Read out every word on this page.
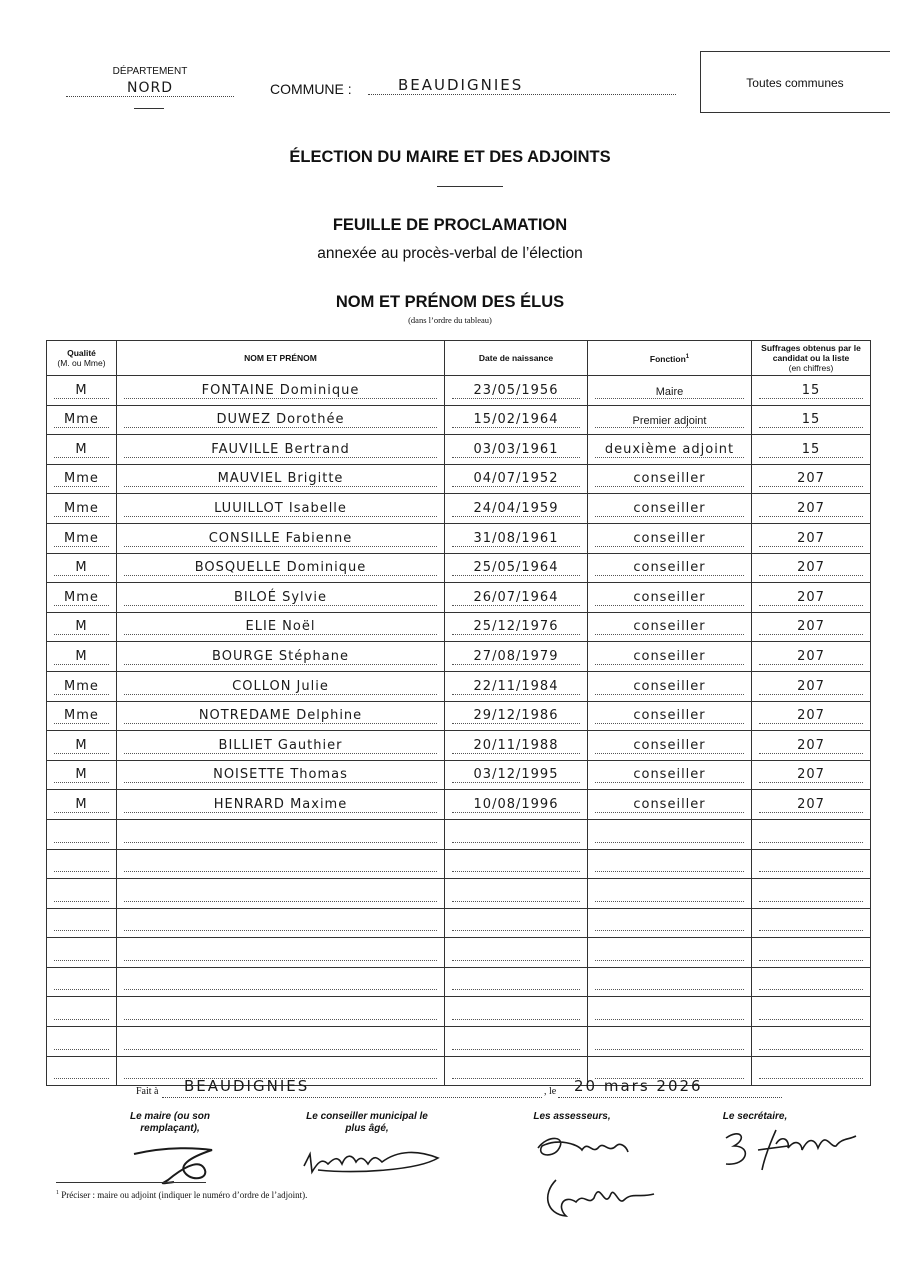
DÉPARTEMENT
NORD	COMMUNE :	BEAUDIGNIES	Toutes communes
ÉLECTION DU MAIRE ET DES ADJOINTS
FEUILLE DE PROCLAMATION
annexée au procès-verbal de l’élection
NOM ET PRÉNOM DES ÉLUS
(dans l’ordre du tableau)
Qualité
(M. ou Mme)	NOM ET PRÉNOM	Date de naissance	Fonction$^1$	Suffrages obtenus par le candidat ou la liste
(en chiffres)

M	FONTAINE Dominique	23/05/1956	Maire	15

Mme	DUWEZ Dorothée	15/02/1964	Premier adjoint	15

M	FAUVILLE Bertrand	03/03/1961	deuxième adjoint	15

Mme	MAUVIEL Brigitte	04/07/1952	conseiller	207

Mme	LUUILLOT Isabelle	24/04/1959	conseiller	207

Mme	CONSILLE Fabienne	31/08/1961	conseiller	207

M	BOSQUELLE Dominique	25/05/1964	conseiller	207

Mme	BILOÉ Sylvie	26/07/1964	conseiller	207

M	ELIE Noël	25/12/1976	conseiller	207

M	BOURGE Stéphane	27/08/1979	conseiller	207

Mme	COLLON Julie	22/11/1984	conseiller	207

Mme	NOTREDAME Delphine	29/12/1986	conseiller	207

M	BILLIET Gauthier	20/11/1988	conseiller	207

M	NOISETTE Thomas	03/12/1995	conseiller	207

M	HENRARD Maxime	10/08/1996	conseiller	207

Fait à BEAUDIGNIES	, le 20 mars 2026
Le maire (ou son remplaçant),
Le conseiller municipal le plus âgé,
Les assesseurs,	Le secrétaire,
$^1$ Préciser : maire ou adjoint (indiquer le numéro d’ordre de l’adjoint).
